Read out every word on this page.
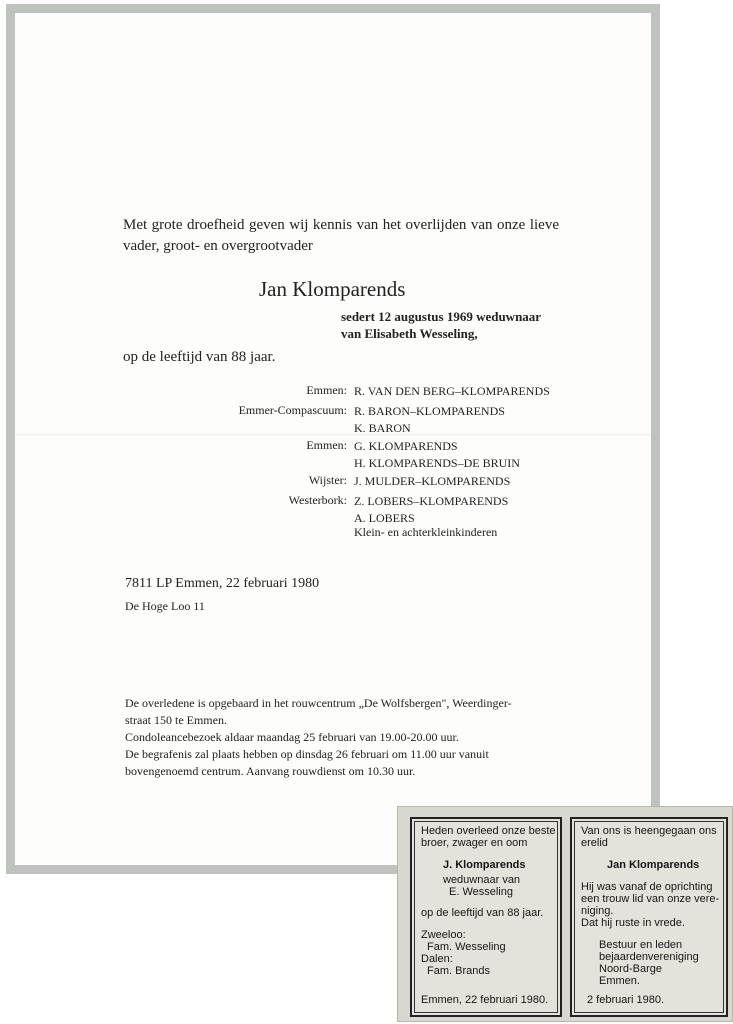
Met grote droefheid geven wij kennis van het overlijden van onze lieve vader, groot- en overgrootvader
Jan Klomparends
sedert 12 augustus 1969 weduwnaar
van Elisabeth Wesseling,
op de leeftijd van 88 jaar.
Emmen: R. VAN DEN BERG–KLOMPARENDS
Emmer-Compascuum: R. BARON–KLOMPARENDS
K. BARON
Emmen: G. KLOMPARENDS
H. KLOMPARENDS–DE BRUIN
Wijster: J. MULDER–KLOMPARENDS
Westerbork: Z. LOBERS–KLOMPARENDS
A. LOBERS
Klein- en achterkleinkinderen
7811 LP Emmen, 22 februari 1980
De Hoge Loo 11
De overledene is opgebaard in het rouwcentrum „De Wolfsbergen", Weerdinger-
straat 150 te Emmen.
Condoleancebezoek aldaar maandag 25 februari van 19.00-20.00 uur.
De begrafenis zal plaats hebben op dinsdag 26 februari om 11.00 uur vanuit
bovengenoemd centrum. Aanvang rouwdienst om 10.30 uur.
Heden overleed onze beste
broer, zwager en oom
J. Klomparends
weduwnaar van
E. Wesseling
op de leeftijd van 88 jaar.
Zweeloo:
Fam. Wesseling
Dalen:
Fam. Brands
Emmen, 22 februari 1980.
Van ons is heengegaan ons
erelid
Jan Klomparends
Hij was vanaf de oprichting
een trouw lid van onze vere-
niging.
Dat hij ruste in vrede.
Bestuur en leden
bejaardenvereniging
Noord-Barge
Emmen.
2 februari 1980.
